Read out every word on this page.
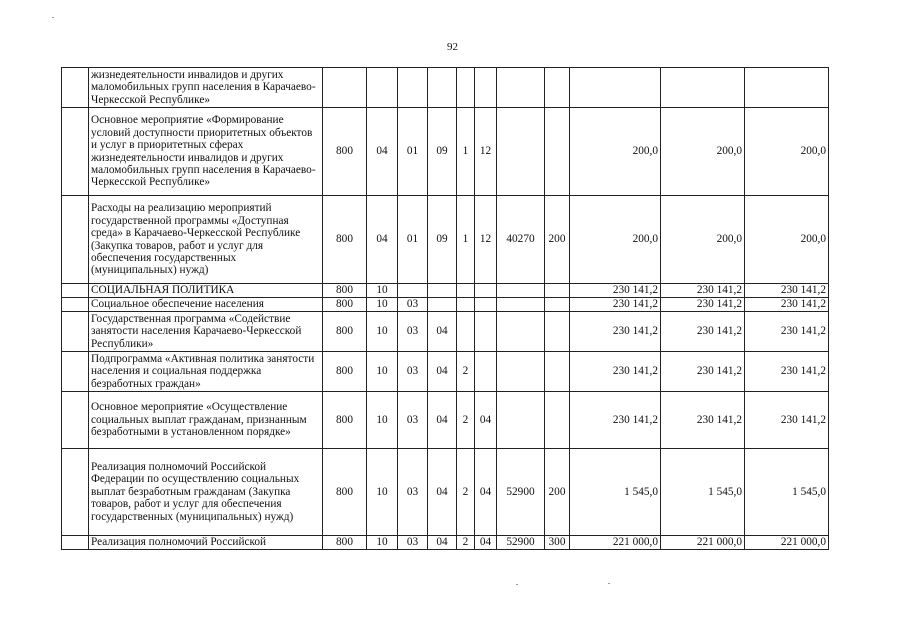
92
	жизнедеятельности инвалидов и других маломобильных групп населения в Карачаево-Черкесской Республике»											
	Основное мероприятие «Формирование условий доступности приоритетных объектов и услуг в приоритетных сферах жизнедеятельности инвалидов и других маломобильных групп населения в Карачаево-Черкесской Республике»	800	04	01	09	1	12			200,0	200,0	200,0
	Расходы на реализацию мероприятий государственной программы «Доступная среда» в Карачаево-Черкесской Республике (Закупка товаров, работ и услуг для обеспечения государственных (муниципальных) нужд)	800	04	01	09	1	12	40270	200	200,0	200,0	200,0
	СОЦИАЛЬНАЯ ПОЛИТИКА	800	10							230 141,2	230 141,2	230 141,2
	Социальное обеспечение населения	800	10	03						230 141,2	230 141,2	230 141,2
	Государственная программа «Содействие занятости населения Карачаево-Черкесской Республики»	800	10	03	04					230 141,2	230 141,2	230 141,2
	Подпрограмма «Активная политика занятости населения и социальная поддержка безработных граждан»	800	10	03	04	2				230 141,2	230 141,2	230 141,2
	Основное мероприятие «Осуществление социальных выплат гражданам, признанным безработными в установленном порядке»	800	10	03	04	2	04			230 141,2	230 141,2	230 141,2
	Реализация полномочий Российской Федерации по осуществлению социальных выплат безработным гражданам (Закупка товаров, работ и услуг для обеспечения государственных (муниципальных) нужд)	800	10	03	04	2	04	52900	200	1 545,0	1 545,0	1 545,0
	Реализация полномочий Российской	800	10	03	04	2	04	52900	300	221 000,0	221 000,0	221 000,0
